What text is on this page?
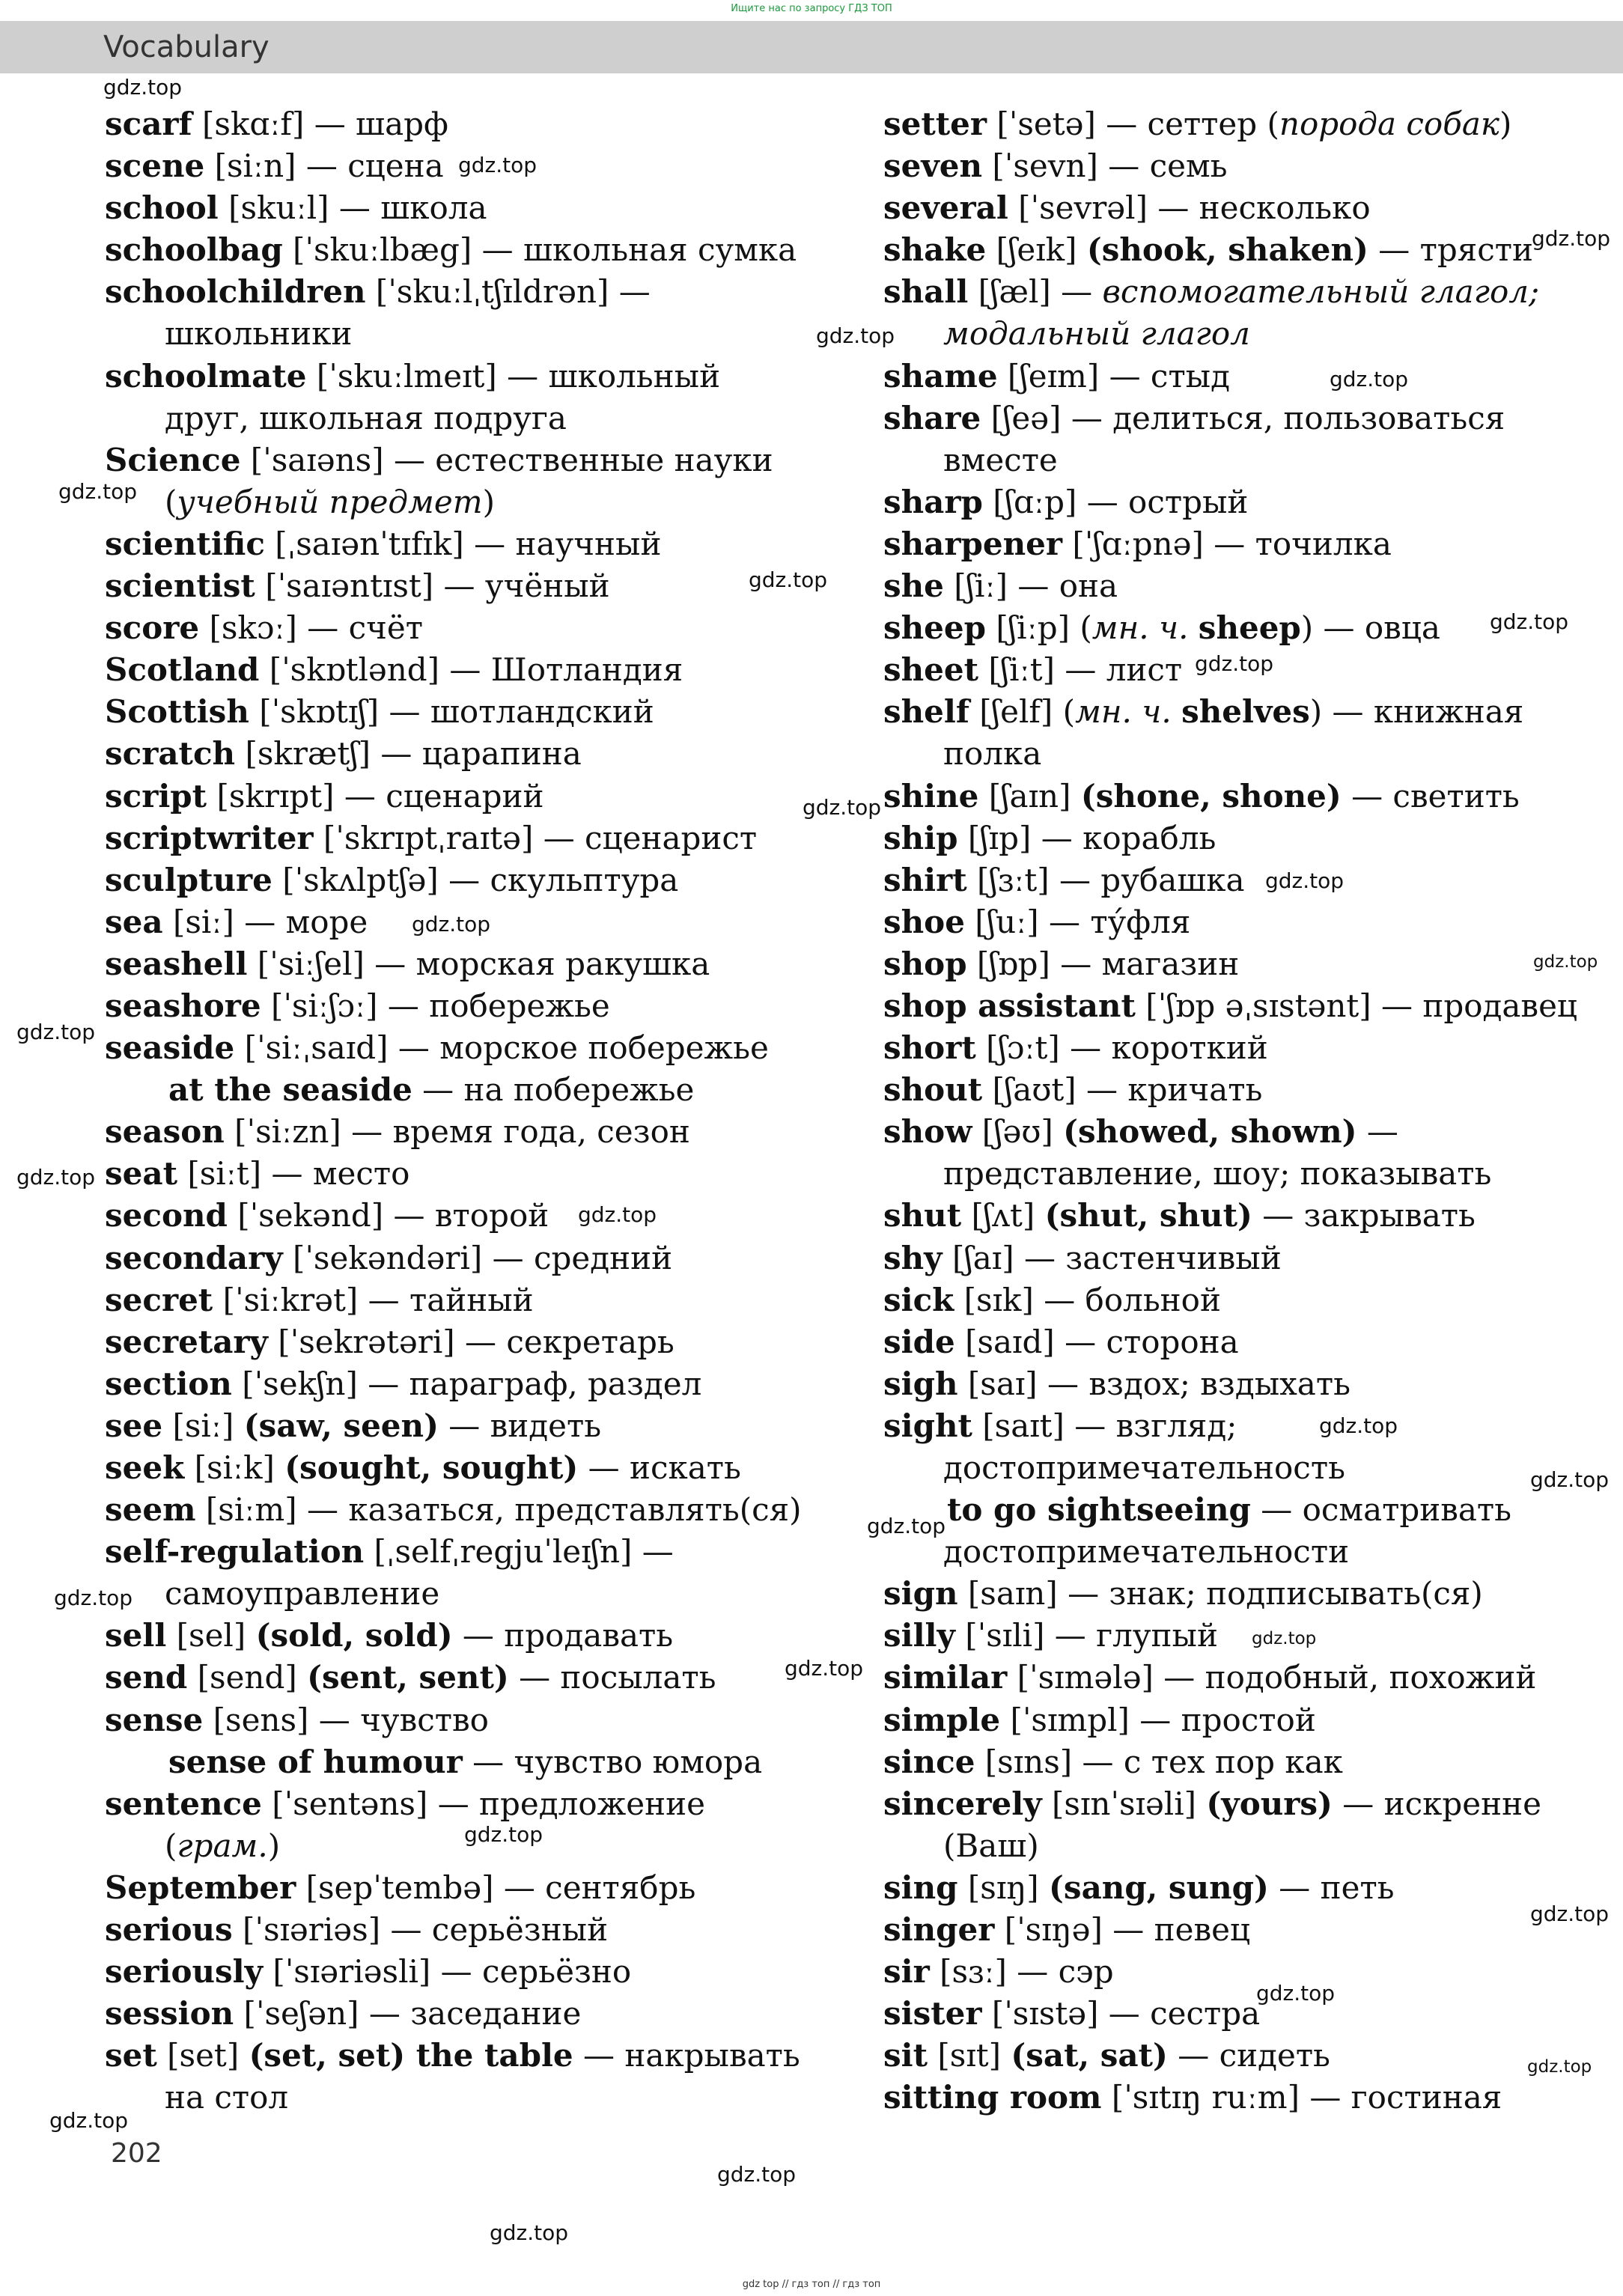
Ищите нас по запросу ГДЗ ТОП
Vocabulary
scarf [skɑːf] — шарф
scene [siːn] — сцена
school [skuːl] — школа
schoolbag [ˈskuːlbæg] — школьная сумка
schoolchildren [ˈskuːlˌtʃɪldrən] —
школьники
schoolmate [ˈskuːlmeɪt] — школьный
друг, школьная подруга
Science [ˈsaɪəns] — естественные науки
(учебный предмет)
scientific [ˌsaɪənˈtɪfɪk] — научный
scientist [ˈsaɪəntɪst] — учёный
score [skɔː] — счёт
Scotland [ˈskɒtlənd] — Шотландия
Scottish [ˈskɒtɪʃ] — шотландский
scratch [skrætʃ] — царапина
script [skrɪpt] — сценарий
scriptwriter [ˈskrɪptˌraɪtə] — сценарист
sculpture [ˈskʌlptʃə] — скульптура
sea [siː] — море
seashell [ˈsiːʃel] — морская ракушка
seashore [ˈsiːʃɔː] — побережье
seaside [ˈsiːˌsaɪd] — морское побережье
at the seaside — на побережье
season [ˈsiːzn] — время года, сезон
seat [siːt] — место
second [ˈsekənd] — второй
secondary [ˈsekəndəri] — средний
secret [ˈsiːkrət] — тайный
secretary [ˈsekrətəri] — секретарь
section [ˈsekʃn] — параграф, раздел
see [siː] (saw, seen) — видеть
seek [siːk] (sought, sought) — искать
seem [siːm] — казаться, представлять(ся)
self-regulation [ˌselfˌregjuˈleɪʃn] —
самоуправление
sell [sel] (sold, sold) — продавать
send [send] (sent, sent) — посылать
sense [sens] — чувство
sense of humour — чувство юмора
sentence [ˈsentəns] — предложение
(грам.)
September [sepˈtembə] — сентябрь
serious [ˈsɪəriəs] — серьёзный
seriously [ˈsɪəriəsli] — серьёзно
session [ˈseʃən] — заседание
set [set] (set, set) the table — накрывать
на стол
setter [ˈsetə] — сеттер (порода собак)
seven [ˈsevn] — семь
several [ˈsevrəl] — несколько
shake [ʃeɪk] (shook, shaken) — трясти
shall [ʃæl] — вспомогательный глагол;
модальный глагол
shame [ʃeɪm] — стыд
share [ʃeə] — делиться, пользоваться
вместе
sharp [ʃɑːp] — острый
sharpener [ˈʃɑːpnə] — точилка
she [ʃiː] — она
sheep [ʃiːp] (мн. ч. sheep) — овца
sheet [ʃiːt] — лист
shelf [ʃelf] (мн. ч. shelves) — книжная
полка
shine [ʃaɪn] (shone, shone) — светить
ship [ʃɪp] — корабль
shirt [ʃɜːt] — рубашка
shoe [ʃuː] — ту́фля
shop [ʃɒp] — магазин
shop assistant [ˈʃɒp əˌsɪstənt] — продавец
short [ʃɔːt] — короткий
shout [ʃaʊt] — кричать
show [ʃəʊ] (showed, shown) —
представление, шоу; показывать
shut [ʃʌt] (shut, shut) — закрывать
shy [ʃaɪ] — застенчивый
sick [sɪk] — больной
side [saɪd] — сторона
sigh [saɪ] — вздох; вздыхать
sight [saɪt] — взгляд;
достопримечательность
to go sightseeing — осматривать
достопримечательности
sign [saɪn] — знак; подписывать(ся)
silly [ˈsɪli] — глупый
similar [ˈsɪmələ] — подобный, похожий
simple [ˈsɪmpl] — простой
since [sɪns] — с тех пор как
sincerely [sɪnˈsɪəli] (yours) — искренне
(Ваш)
sing [sɪŋ] (sang, sung) — петь
singer [ˈsɪŋə] — певец
sir [sɜː] — сэр
sister [ˈsɪstə] — сестра
sit [sɪt] (sat, sat) — сидеть
sitting room [ˈsɪtɪŋ ruːm] — гостиная
202
gdz.top
gdz.top
gdz.top
gdz.top
gdz.top
gdz.top
gdz.top
gdz.top
gdz.top
gdz.top
gdz.top
gdz.top
gdz.top
gdz.top
gdz.top
gdz.top
gdz.top
gdz.top
gdz.top
gdz.top
gdz.top
gdz.top
gdz.top
gdz.top
gdz.top
gdz.top
gdz.top
gdz.top
gdz.top
gdz top // гдз топ // гдз топ
